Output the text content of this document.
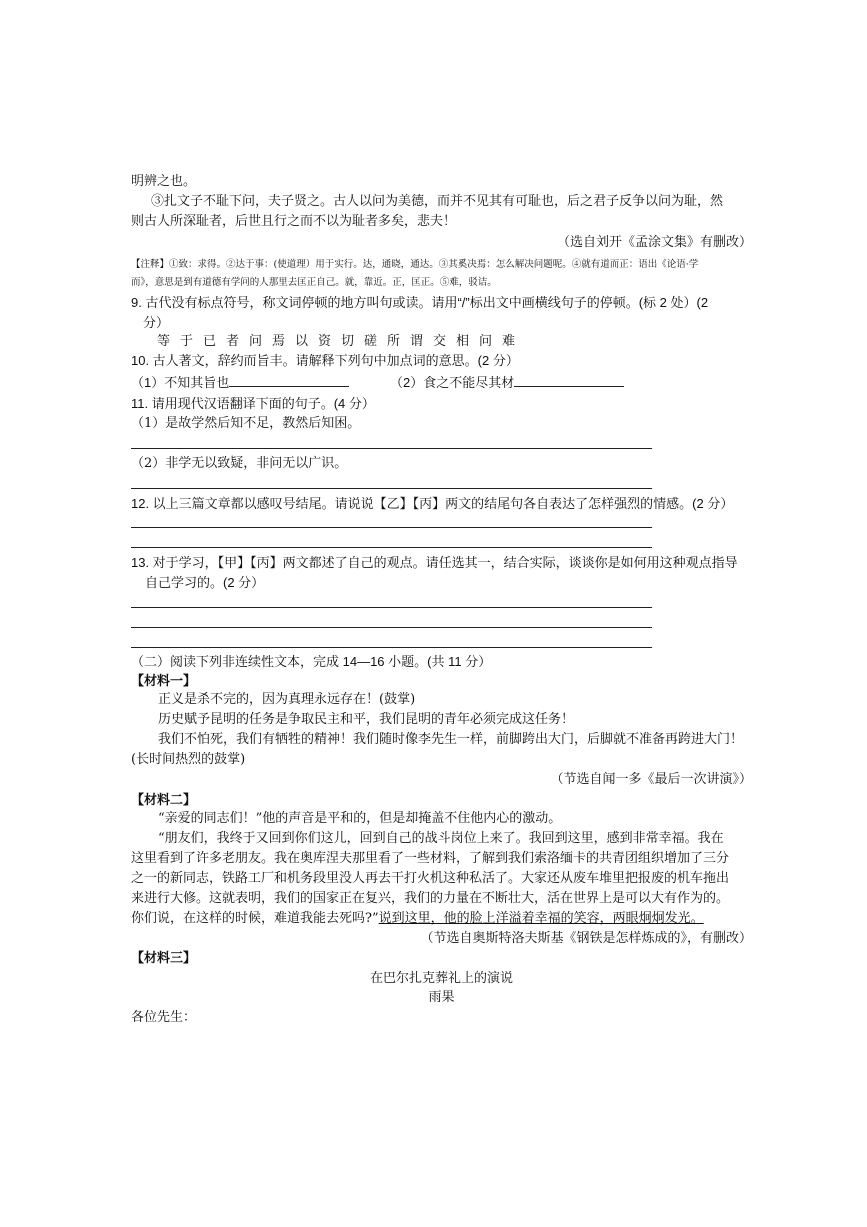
明辨之也。
③扎文子不耻下问，夫子贤之。古人以问为美德，而并不见其有可耻也，后之君子反争以问为耻，然
则古人所深耻者，后世且行之而不以为耻者多矣，悲夫！
（选自刘开《孟涂文集》有删改）
【注释】①致：求得。②达于事：(使道理）用于实行。达，通晓，通达。③其奚决焉：怎么解决问题呢。④就有道而正：语出《论语·学
而》，意思是到有道德有学问的人那里去匡正自己。就，靠近。正，匡正。⑤难，驳诘。
9. 古代没有标点符号，称文词停顿的地方叫句或读。请用“/”标出文中画横线句子的停顿。(标 2 处）(2
分）
等于已者问焉以资切磋所谓交相问难
10. 古人著文，辞约而旨丰。请解释下列句中加点词的意思。(2 分）
（1）不知其旨也	（2）食之不能尽其材
11. 请用现代汉语翻译下面的句子。(4 分）
（1）是故学然后知不足，教然后知困。
（2）非学无以致疑，非问无以广识。
12. 以上三篇文章都以感叹号结尾。请说说【乙】【丙】两文的结尾句各自表达了怎样强烈的情感。(2 分）
13. 对于学习，【甲】【丙】两文都述了自己的观点。请任选其一，结合实际，谈谈你是如何用这种观点指导
自己学习的。(2 分）
（二）阅读下列非连续性文本，完成 14—16 小题。(共 11 分）
【材料一】
正义是杀不完的，因为真理永远存在！(鼓掌)
历史赋予昆明的任务是争取民主和平，我们昆明的青年必须完成这任务！
我们不怕死，我们有牺牲的精神！我们随时像李先生一样，前脚跨出大门，后脚就不准备再跨进大门！
(长时间热烈的鼓掌)
（节选自闻一多《最后一次讲演》）
【材料二】
“亲爱的同志们！”他的声音是平和的，但是却掩盖不住他内心的激动。
“朋友们，我终于又回到你们这儿，回到自己的战斗岗位上来了。我回到这里，感到非常幸福。我在
这里看到了许多老朋友。我在奥库涅夫那里看了一些材料，了解到我们索洛缅卡的共青团组织增加了三分
之一的新同志，铁路工厂和机务段里没人再去干打火机这种私活了。大家还从废车堆里把报废的机车拖出
来进行大修。这就表明，我们的国家正在复兴，我们的力量在不断壮大，活在世界上是可以大有作为的。
你们说，在这样的时候，难道我能去死吗?”说到这里，他的脸上洋溢着幸福的笑容，两眼炯炯发光。
（节选自奥斯特洛夫斯基《钢铁是怎样炼成的》，有删改）
【材料三】
在巴尔扎克葬礼上的演说
雨果
各位先生：
